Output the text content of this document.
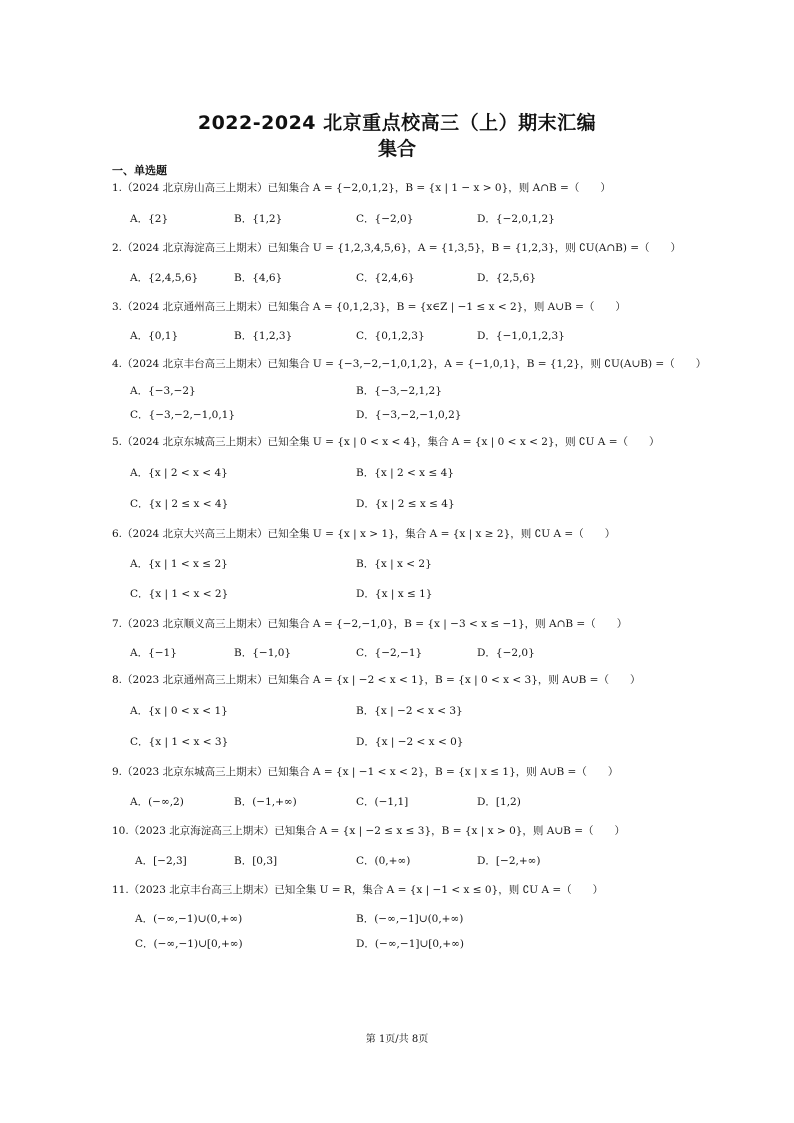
2022-2024 北京重点校高三（上）期末汇编
集合
一、单选题
1.（2024 北京房山高三上期末）已知集合 A = {−2,0,1,2}，B = {x | 1 − x > 0}，则 A∩B =（　　）
A．{2}	B．{1,2}	C．{−2,0}	D．{−2,0,1,2}
2.（2024 北京海淀高三上期末）已知集合 U = {1,2,3,4,5,6}，A = {1,3,5}，B = {1,2,3}，则 ∁U(A∩B) =（　　）
A．{2,4,5,6}	B．{4,6}	C．{2,4,6}	D．{2,5,6}
3.（2024 北京通州高三上期末）已知集合 A = {0,1,2,3}，B = {x∈Z | −1 ≤ x < 2}，则 A∪B =（　　）
A．{0,1}	B．{1,2,3}	C．{0,1,2,3}	D．{−1,0,1,2,3}
4.（2024 北京丰台高三上期末）已知集合 U = {−3,−2,−1,0,1,2}，A = {−1,0,1}，B = {1,2}，则 ∁U(A∪B) =（　　）
A．{−3,−2}	B．{−3,−2,1,2}
C．{−3,−2,−1,0,1}	D．{−3,−2,−1,0,2}
5.（2024 北京东城高三上期末）已知全集 U = {x | 0 < x < 4}，集合 A = {x | 0 < x < 2}，则 ∁U A =（　　）
A．{x | 2 < x < 4}	B．{x | 2 < x ≤ 4}
C．{x | 2 ≤ x < 4}	D．{x | 2 ≤ x ≤ 4}
6.（2024 北京大兴高三上期末）已知全集 U = {x | x > 1}，集合 A = {x | x ≥ 2}，则 ∁U A =（　　）
A．{x | 1 < x ≤ 2}	B．{x | x < 2}
C．{x | 1 < x < 2}	D．{x | x ≤ 1}
7.（2023 北京顺义高三上期末）已知集合 A = {−2,−1,0}，B = {x | −3 < x ≤ −1}，则 A∩B =（　　）
A．{−1}	B．{−1,0}	C．{−2,−1}	D．{−2,0}
8.（2023 北京通州高三上期末）已知集合 A = {x | −2 < x < 1}，B = {x | 0 < x < 3}，则 A∪B =（　　）
A．{x | 0 < x < 1}	B．{x | −2 < x < 3}
C．{x | 1 < x < 3}	D．{x | −2 < x < 0}
9.（2023 北京东城高三上期末）已知集合 A = {x | −1 < x < 2}，B = {x | x ≤ 1}，则 A∪B =（　　）
A．(−∞,2)	B．(−1,+∞)	C．(−1,1]	D．[1,2)
10.（2023 北京海淀高三上期末）已知集合 A = {x | −2 ≤ x ≤ 3}，B = {x | x > 0}，则 A∪B =（　　）
A．[−2,3]	B．[0,3]	C．(0,+∞)	D．[−2,+∞)
11.（2023 北京丰台高三上期末）已知全集 U = R，集合 A = {x | −1 < x ≤ 0}，则 ∁U A =（　　）
A．(−∞,−1)∪(0,+∞)	B．(−∞,−1]∪(0,+∞)
C．(−∞,−1)∪[0,+∞)	D．(−∞,−1]∪[0,+∞)
第 1页/共 8页
